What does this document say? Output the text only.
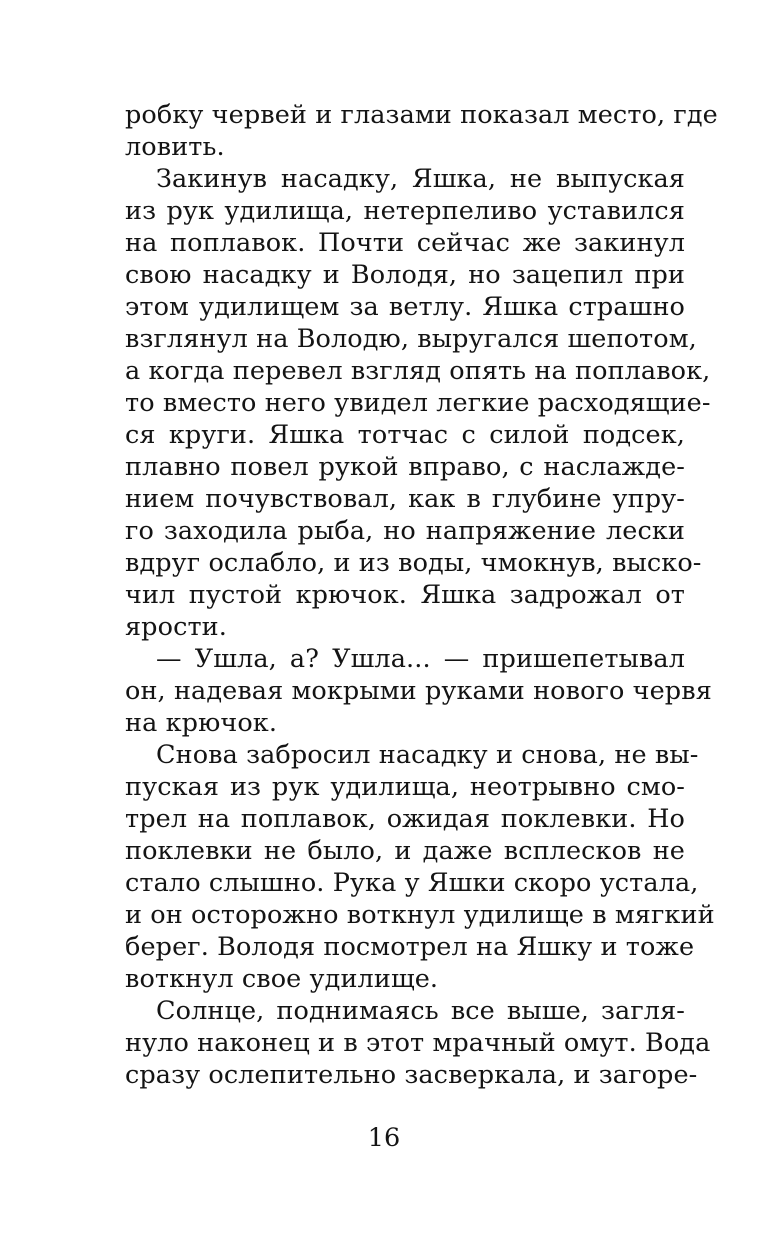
робку червей и глазами показал место, где
ловить.
Закинув насадку, Яшка, не выпуская
из рук удилища, нетерпеливо уставился
на поплавок. Почти сейчас же закинул
свою насадку и Володя, но зацепил при
этом удилищем за ветлу. Яшка страшно
взглянул на Володю, выругался шепотом,
а когда перевел взгляд опять на поплавок,
то вместо него увидел легкие расходящие-
ся круги. Яшка тотчас с силой подсек,
плавно повел рукой вправо, с наслажде-
нием почувствовал, как в глубине упру-
го заходила рыба, но напряжение лески
вдруг ослабло, и из воды, чмокнув, выско-
чил пустой крючок. Яшка задрожал от
ярости.
— Ушла, а? Ушла... — пришепетывал
он, надевая мокрыми руками нового червя
на крючок.
Снова забросил насадку и снова, не вы-
пуская из рук удилища, неотрывно смо-
трел на поплавок, ожидая поклевки. Но
поклевки не было, и даже всплесков не
стало слышно. Рука у Яшки скоро устала,
и он осторожно воткнул удилище в мягкий
берег. Володя посмотрел на Яшку и тоже
воткнул свое удилище.
Солнце, поднимаясь все выше, загля-
нуло наконец и в этот мрачный омут. Вода
сразу ослепительно засверкала, и загоре-
16
